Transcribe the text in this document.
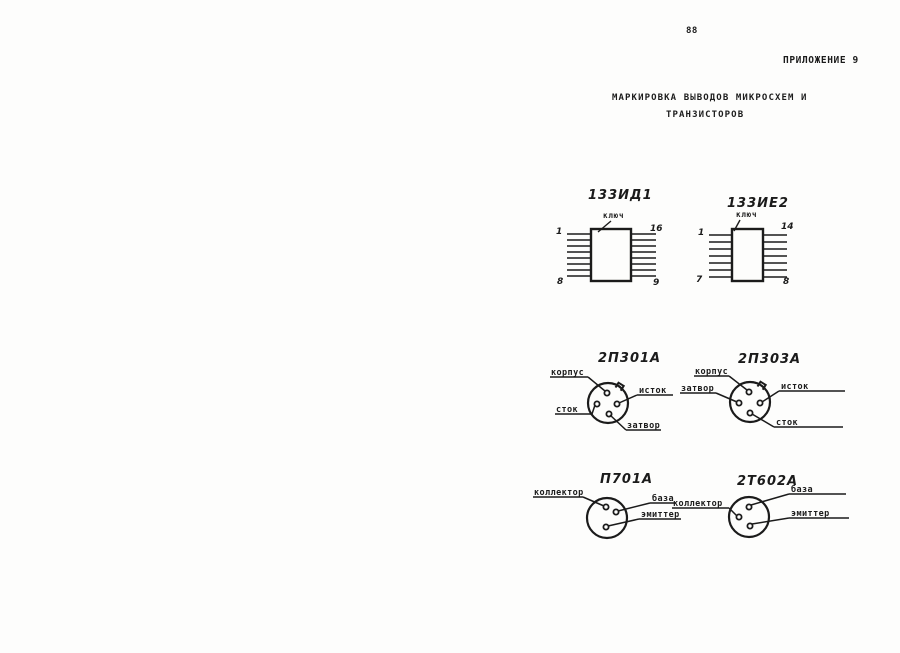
88
ПРИЛОЖЕНИЕ 9
МАРКИРОВКА ВЫВОДОВ МИКРОСХЕМ И
ТРАНЗИСТОРОВ
133ИД1
ключ
1
8
16
9
133ИЕ2
ключ
1
7
14
8
2П301А
корпус
исток
сток
затвор
2П303А
корпус
затвор	исток
сток
П701А
коллектор
база
эмиттер
2Т602А
коллектор
база
эмиттер
